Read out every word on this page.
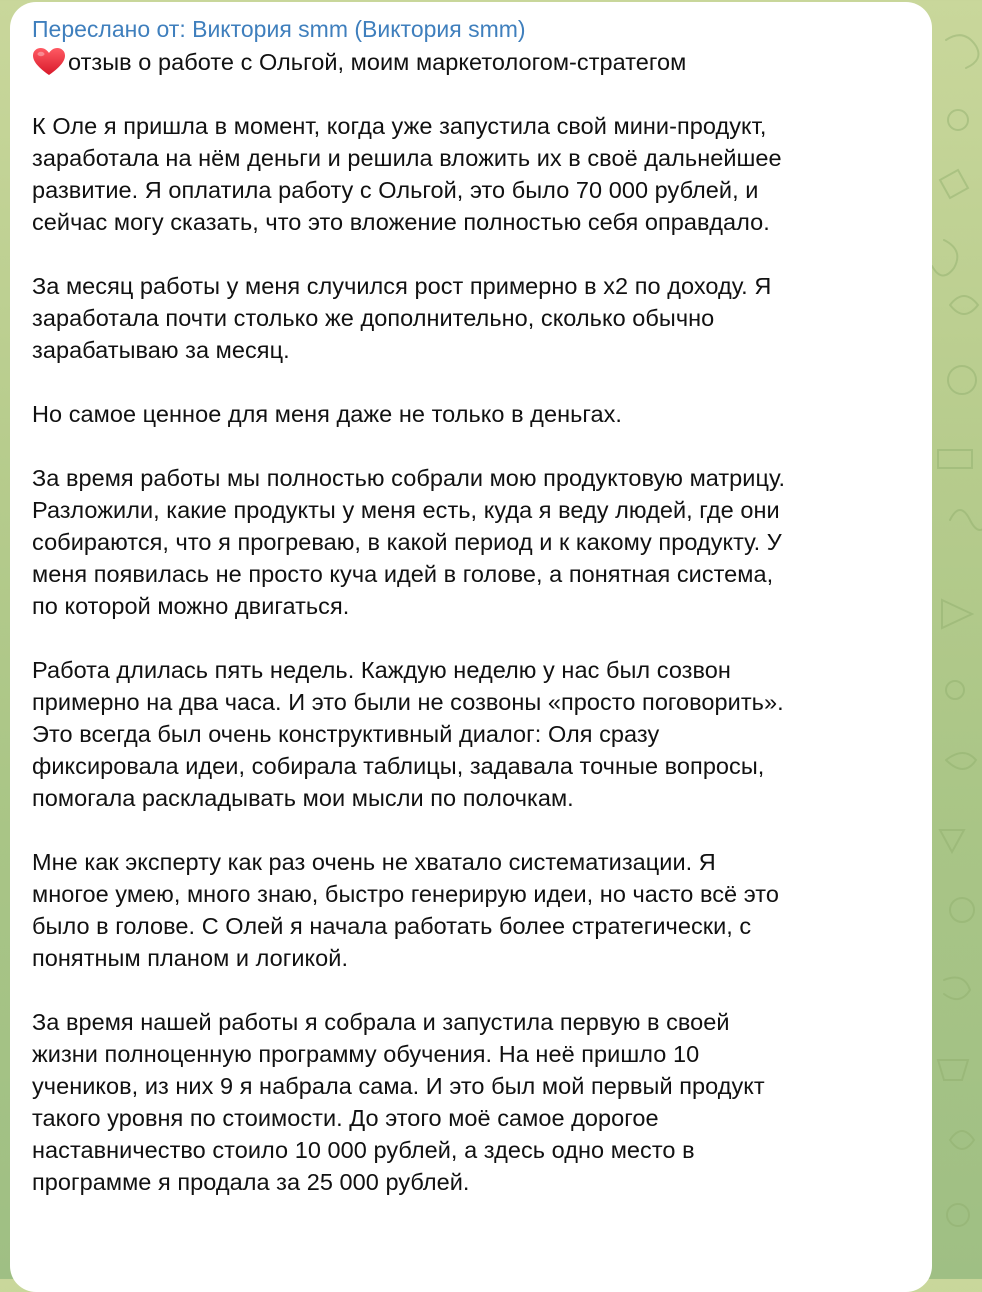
Переслано от: Виктория smm (Виктория smm)
отзыв о работе с Ольгой, моим маркетологом-стратегом

К Оле я пришла в момент, когда уже запустила свой мини-продукт,
заработала на нём деньги и решила вложить их в своё дальнейшее
развитие. Я оплатила работу с Ольгой, это было 70 000 рублей, и
сейчас могу сказать, что это вложение полностью себя оправдало.

За месяц работы у меня случился рост примерно в x2 по доходу. Я
заработала почти столько же дополнительно, сколько обычно
зарабатываю за месяц.

Но самое ценное для меня даже не только в деньгах.

За время работы мы полностью собрали мою продуктовую матрицу.
Разложили, какие продукты у меня есть, куда я веду людей, где они
собираются, что я прогреваю, в какой период и к какому продукту. У
меня появилась не просто куча идей в голове, а понятная система,
по которой можно двигаться.

Работа длилась пять недель. Каждую неделю у нас был созвон
примерно на два часа. И это были не созвоны «просто поговорить».
Это всегда был очень конструктивный диалог: Оля сразу
фиксировала идеи, собирала таблицы, задавала точные вопросы,
помогала раскладывать мои мысли по полочкам.

Мне как эксперту как раз очень не хватало систематизации. Я
многое умею, много знаю, быстро генерирую идеи, но часто всё это
было в голове. С Олей я начала работать более стратегически, с
понятным планом и логикой.

За время нашей работы я собрала и запустила первую в своей
жизни полноценную программу обучения. На неё пришло 10
учеников, из них 9 я набрала сама. И это был мой первый продукт
такого уровня по стоимости. До этого моё самое дорогое
наставничество стоило 10 000 рублей, а здесь одно место в
программе я продала за 25 000 рублей.
